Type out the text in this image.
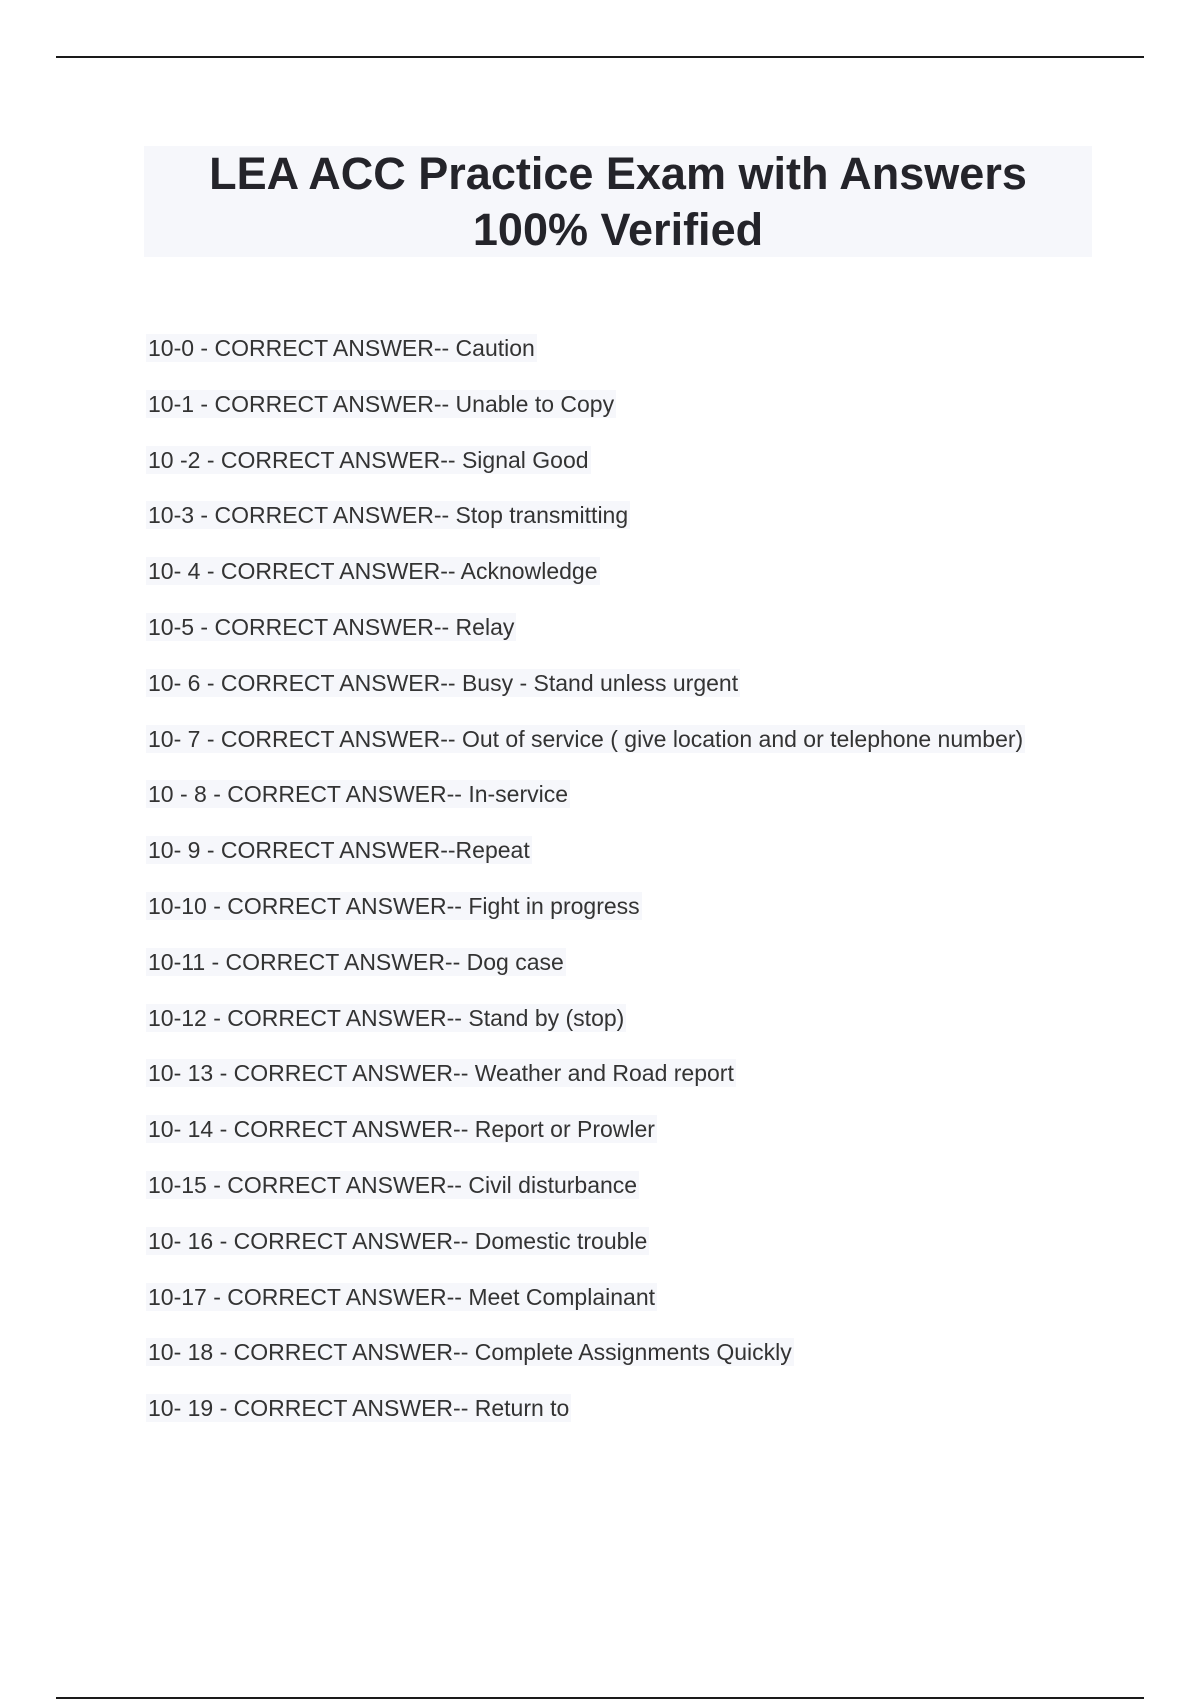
LEA ACC Practice Exam with Answers
100% Verified
10-0 - CORRECT ANSWER-- Caution
10-1 - CORRECT ANSWER-- Unable to Copy
10 -2 - CORRECT ANSWER-- Signal Good
10-3 - CORRECT ANSWER-- Stop transmitting
10- 4 - CORRECT ANSWER-- Acknowledge
10-5 - CORRECT ANSWER-- Relay
10- 6 - CORRECT ANSWER-- Busy - Stand unless urgent
10- 7 - CORRECT ANSWER-- Out of service ( give location and or telephone number)
10 - 8 - CORRECT ANSWER-- In-service
10- 9 - CORRECT ANSWER--Repeat
10-10 - CORRECT ANSWER-- Fight in progress
10-11 - CORRECT ANSWER-- Dog case
10-12 - CORRECT ANSWER-- Stand by (stop)
10- 13 - CORRECT ANSWER-- Weather and Road report
10- 14 - CORRECT ANSWER-- Report or Prowler
10-15 - CORRECT ANSWER-- Civil disturbance
10- 16 - CORRECT ANSWER-- Domestic trouble
10-17 - CORRECT ANSWER-- Meet Complainant
10- 18 - CORRECT ANSWER-- Complete Assignments Quickly
10- 19 - CORRECT ANSWER-- Return to
